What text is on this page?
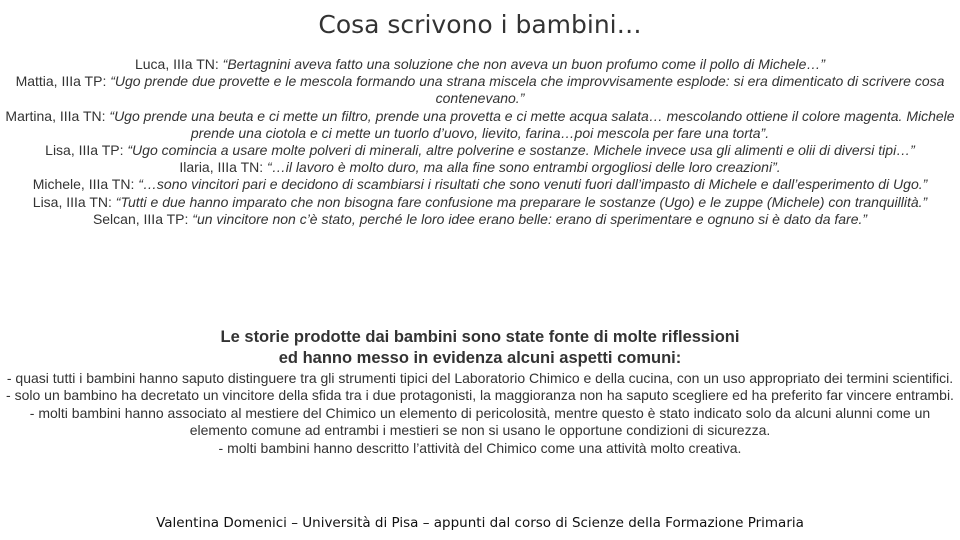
Cosa scrivono i bambini…

Luca, IIIa TN: “Bertagnini aveva fatto una soluzione che non aveva un buon profumo come il pollo di Michele…”

Mattia, IIIa TP: “Ugo prende due provette e le mescola formando una strana miscela che improvvisamente esplode: si era dimenticato di scrivere cosa contenevano.”

Martina, IIIa TN: “Ugo prende una beuta e ci mette un filtro, prende una provetta e ci mette acqua salata… mescolando ottiene il colore magenta. Michele prende una ciotola e ci mette un tuorlo d’uovo, lievito, farina…poi mescola per fare una torta”.

Lisa, IIIa TP: “Ugo comincia a usare molte polveri di minerali, altre polverine e sostanze. Michele invece usa gli alimenti e olii di diversi tipi…”

Ilaria, IIIa TN: “…il lavoro è molto duro, ma alla fine sono entrambi orgogliosi delle loro creazioni”.

Michele, IIIa TN: “…sono vincitori pari e decidono di scambiarsi i risultati che sono venuti fuori dall’impasto di Michele e dall’esperimento di Ugo.”

Lisa, IIIa TN: “Tutti e due hanno imparato che non bisogna fare confusione ma preparare le sostanze (Ugo) e le zuppe (Michele) con tranquillità.”

Selcan, IIIa TP: “un vincitore non c’è stato, perché le loro idee erano belle: erano di sperimentare e ognuno si è dato da fare.”

Le storie prodotte dai bambini sono state fonte di molte riflessioni
ed hanno messo in evidenza alcuni aspetti comuni:

- quasi tutti i bambini hanno saputo distinguere tra gli strumenti tipici del Laboratorio Chimico e della cucina, con un uso appropriato dei termini scientifici.

- solo un bambino ha decretato un vincitore della sfida tra i due protagonisti, la maggioranza non ha saputo scegliere ed ha preferito far vincere entrambi.

- molti bambini hanno associato al mestiere del Chimico un elemento di pericolosità, mentre questo è stato indicato solo da alcuni alunni come un elemento comune ad entrambi i mestieri se non si usano le opportune condizioni di sicurezza.

- molti bambini hanno descritto l’attività del Chimico come una attività molto creativa.

Valentina Domenici – Università di Pisa – appunti dal corso di Scienze della Formazione Primaria
